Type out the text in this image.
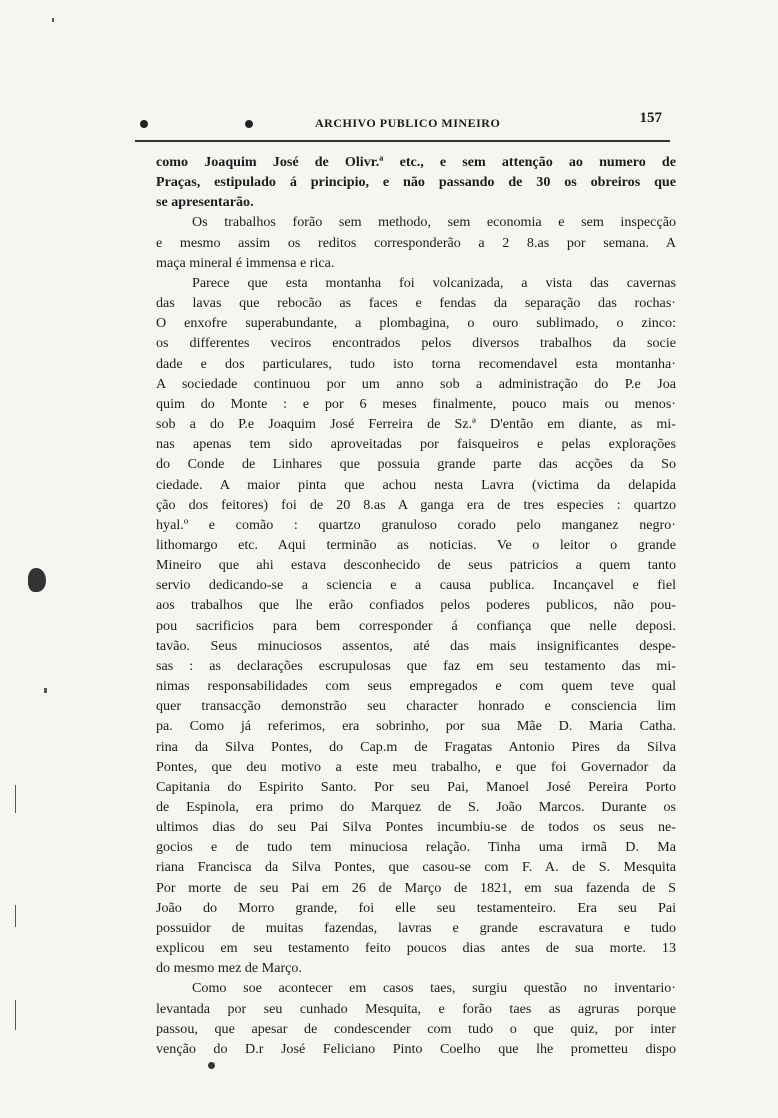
ARCHIVO PUBLICO MINEIRO	157
como Joaquim José de Olivr.ª etc., e sem attenção ao numero de
Praças, estipulado á principio, e não passando de 30 os obreiros que
se apresentarão.
Os trabalhos forão sem methodo, sem economia e sem inspecção
e mesmo assim os reditos corresponderão a 2 8.as por semana. A
maça mineral é immensa e rica.
Parece que esta montanha foi volcanizada, a vista das cavernas
das lavas que rebocão as faces e fendas da separação das rochas·
O enxofre superabundante, a plombagina, o ouro sublimado, o zinco:
os differentes veciros encontrados pelos diversos trabalhos da socie
dade e dos particulares, tudo isto torna recomendavel esta montanha·
A sociedade continuou por um anno sob a administração do P.e Joa
quim do Monte : e por 6 meses finalmente, pouco mais ou menos·
sob a do P.e Joaquim José Ferreira de Sz.ª D'então em diante, as mi-
nas apenas tem sido aproveitadas por faisqueiros e pelas explorações
do Conde de Linhares que possuia grande parte das acções da So
ciedade. A maior pinta que achou nesta Lavra (victima da delapida
ção dos feitores) foi de 20 8.as A ganga era de tres especies : quartzo
hyal.º e comão : quartzo granuloso corado pelo manganez negro·
lithomargo etc. Aqui terminão as noticias. Ve o leitor o grande
Mineiro que ahi estava desconhecido de seus patricios a quem tanto
servio dedicando-se a sciencia e a causa publica. Incançavel e fiel
aos trabalhos que lhe erão confiados pelos poderes publicos, não pou-
pou sacrificios para bem corresponder á confiança que nelle deposi.
tavão. Seus minuciosos assentos, até das mais insignificantes despe-
sas : as declarações escrupulosas que faz em seu testamento das mi-
nimas responsabilidades com seus empregados e com quem teve qual
quer transacção demonstrão seu character honrado e consciencia lim
pa. Como já referimos, era sobrinho, por sua Mãe D. Maria Catha.
rina da Silva Pontes, do Cap.m de Fragatas Antonio Pires da Silva
Pontes, que deu motivo a este meu trabalho, e que foi Governador da
Capitania do Espirito Santo. Por seu Pai, Manoel José Pereira Porto
de Espinola, era primo do Marquez de S. João Marcos. Durante os
ultimos dias do seu Pai Silva Pontes incumbiu-se de todos os seus ne-
gocios e de tudo tem minuciosa relação. Tinha uma irmã D. Ma
riana Francisca da Silva Pontes, que casou-se com F. A. de S. Mesquita
Por morte de seu Pai em 26 de Março de 1821, em sua fazenda de S
João do Morro grande, foi elle seu testamenteiro. Era seu Pai
possuidor de muitas fazendas, lavras e grande escravatura e tudo
explicou em seu testamento feito poucos dias antes de sua morte. 13
do mesmo mez de Março.
Como soe acontecer em casos taes, surgiu questão no inventario·
levantada por seu cunhado Mesquita, e forão taes as agruras porque
passou, que apesar de condescender com tudo o que quiz, por inter
venção do D.r José Feliciano Pinto Coelho que lhe prometteu dispo
